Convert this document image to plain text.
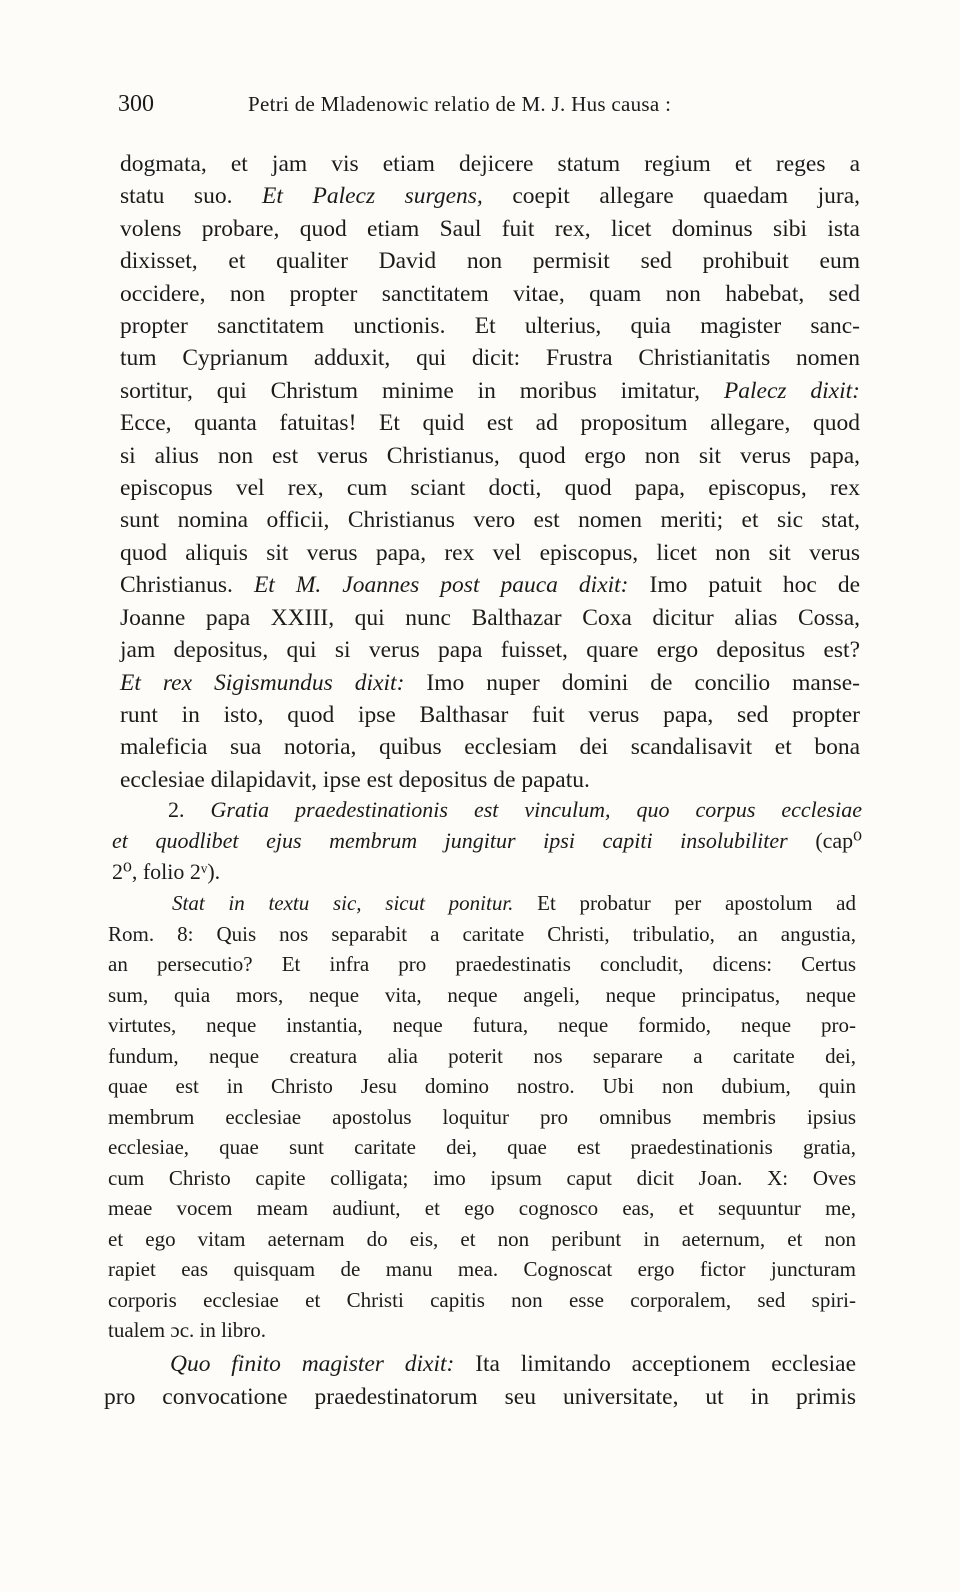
300	Petri de Mladenowic relatio de M. J. Hus causa :
dogmata, et jam vis etiam dejicere statum regium et reges a
statu suo. Et Palecz surgens, coepit allegare quaedam jura,
volens probare, quod etiam Saul fuit rex, licet dominus sibi ista
dixisset, et qualiter David non permisit sed prohibuit eum
occidere, non propter sanctitatem vitae, quam non habebat, sed
propter sanctitatem unctionis. Et ulterius, quia magister sanc-
tum Cyprianum adduxit, qui dicit: Frustra Christianitatis nomen
sortitur, qui Christum minime in moribus imitatur, Palecz dixit:
Ecce, quanta fatuitas! Et quid est ad propositum allegare, quod
si alius non est verus Christianus, quod ergo non sit verus papa,
episcopus vel rex, cum sciant docti, quod papa, episcopus, rex
sunt nomina officii, Christianus vero est nomen meriti; et sic stat,
quod aliquis sit verus papa, rex vel episcopus, licet non sit verus
Christianus. Et M. Joannes post pauca dixit: Imo patuit hoc de
Joanne papa XXIII, qui nunc Balthazar Coxa dicitur alias Cossa,
jam depositus, qui si verus papa fuisset, quare ergo depositus est?
Et rex Sigismundus dixit: Imo nuper domini de concilio manse-
runt in isto, quod ipse Balthasar fuit verus papa, sed propter
maleficia sua notoria, quibus ecclesiam dei scandalisavit et bona
ecclesiae dilapidavit, ipse est depositus de papatu.
2. Gratia praedestinationis est vinculum, quo corpus ecclesiae
et quodlibet ejus membrum jungitur ipsi capiti insolubiliter (cap⁰
2⁰, folio 2ᵛ).
Stat in textu sic, sicut ponitur. Et probatur per apostolum ad
Rom. 8: Quis nos separabit a caritate Christi, tribulatio, an angustia,
an persecutio? Et infra pro praedestinatis concludit, dicens: Certus
sum, quia mors, neque vita, neque angeli, neque principatus, neque
virtutes, neque instantia, neque futura, neque formido, neque pro-
fundum, neque creatura alia poterit nos separare a caritate dei,
quae est in Christo Jesu domino nostro. Ubi non dubium, quin
membrum ecclesiae apostolus loquitur pro omnibus membris ipsius
ecclesiae, quae sunt caritate dei, quae est praedestinationis gratia,
cum Christo capite colligata; imo ipsum caput dicit Joan. X: Oves
meae vocem meam audiunt, et ego cognosco eas, et sequuntur me,
et ego vitam aeternam do eis, et non peribunt in aeternum, et non
rapiet eas quisquam de manu mea. Cognoscat ergo fictor juncturam
corporis ecclesiae et Christi capitis non esse corporalem, sed spiri-
tualem ɔc. in libro.
Quo finito magister dixit: Ita limitando acceptionem ecclesiae
pro convocatione praedestinatorum seu universitate, ut in primis
